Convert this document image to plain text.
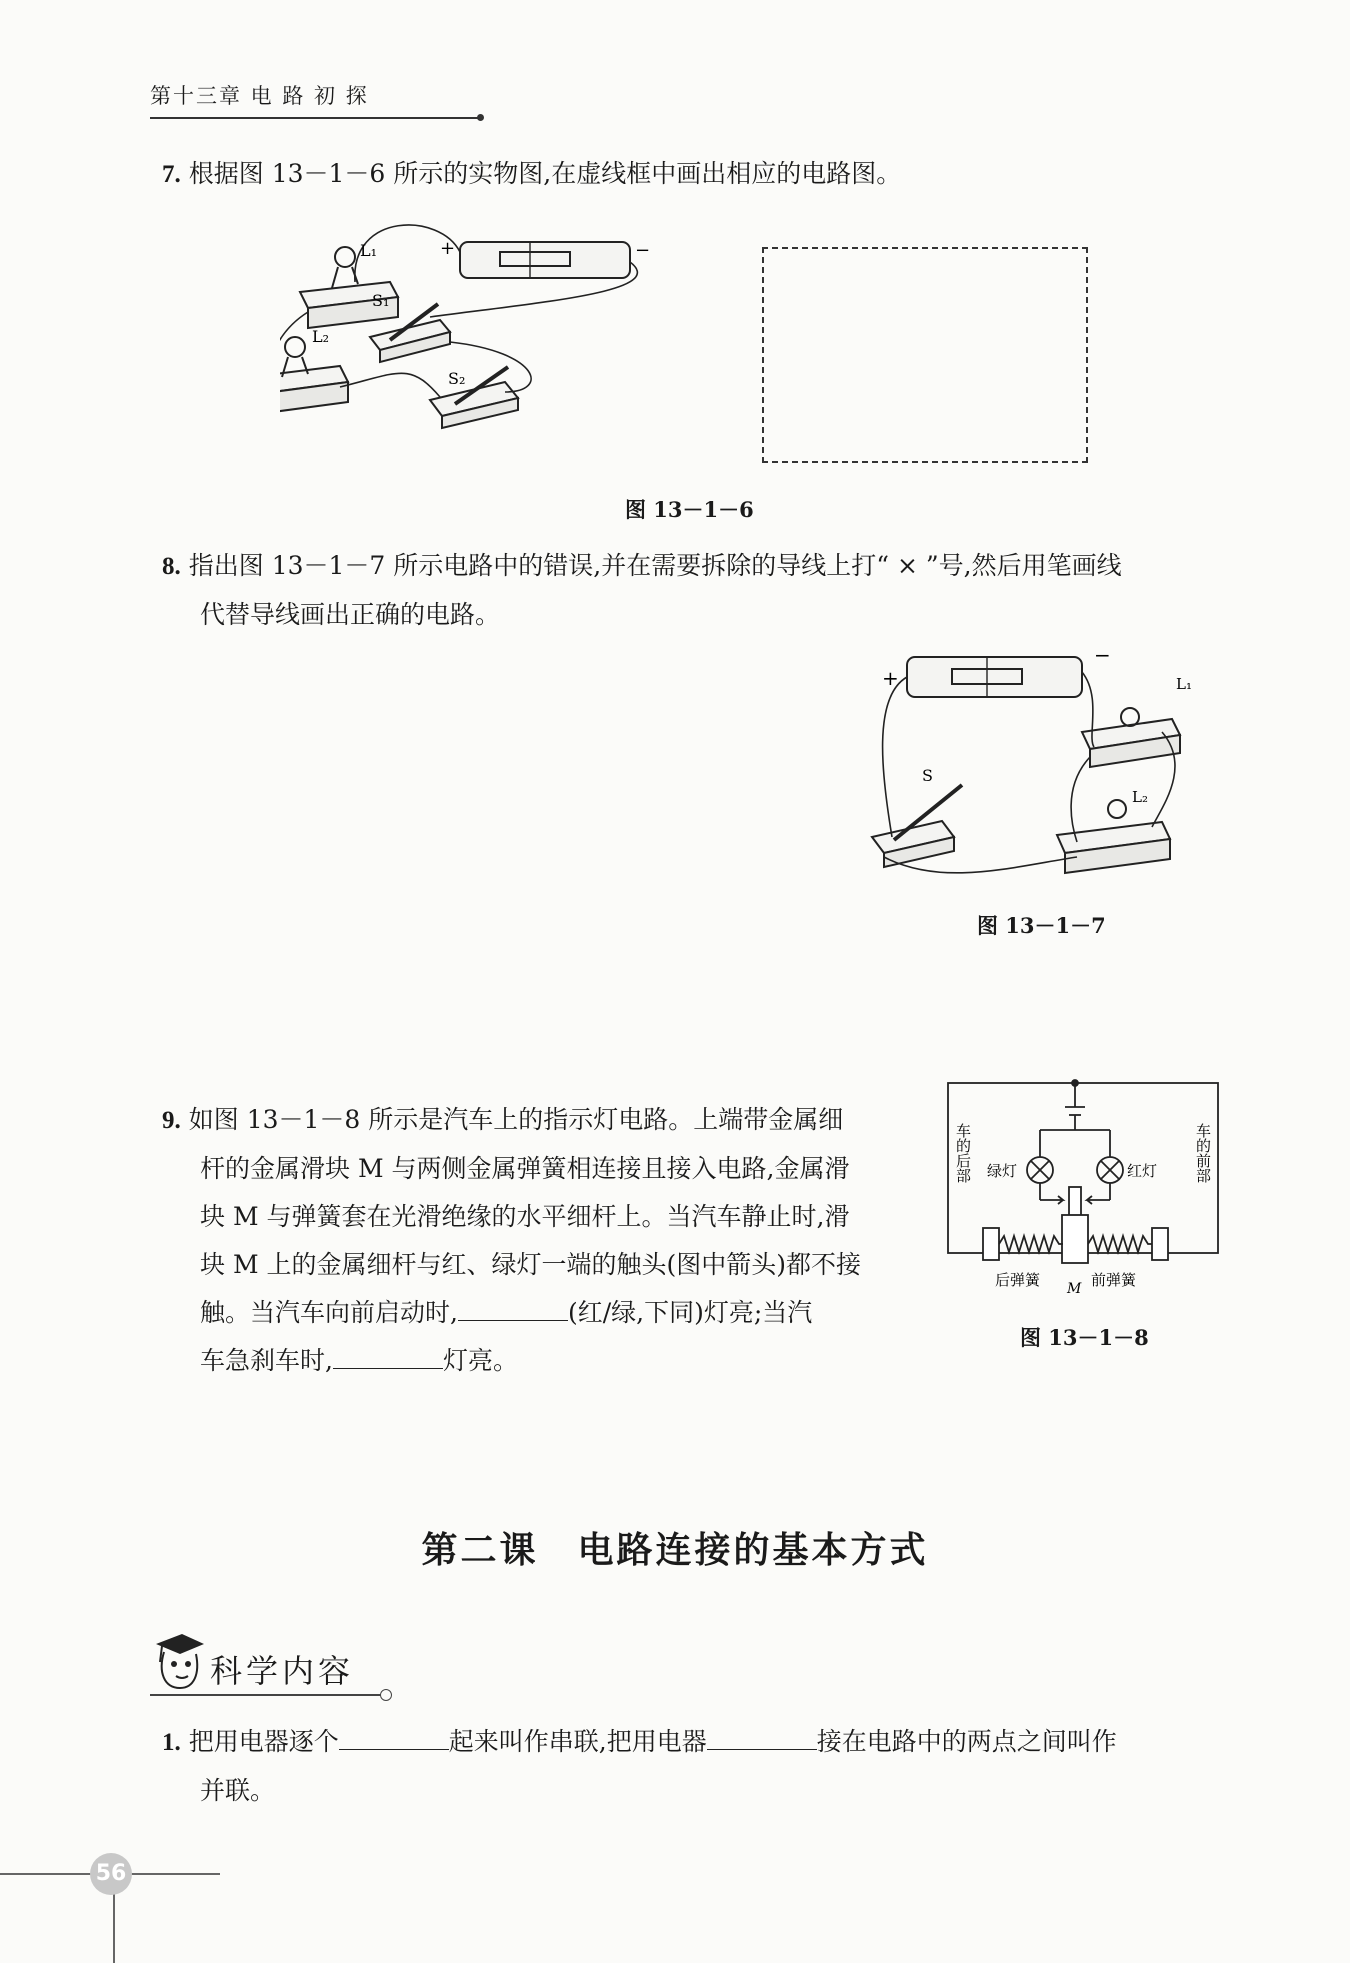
第十三章 电 路 初 探
7. 根据图 13－1－6 所示的实物图,在虚线框中画出相应的电路图。
+	−
L₁
L₂
S₁
S₂
图 13－1－6
8. 指出图 13－1－7 所示电路中的错误,并在需要拆除的导线上打“ × ”号,然后用笔画线
代替导线画出正确的电路。
+
−
L₁
L₂
S
图 13－1－7
9. 如图 13－1－8 所示是汽车上的指示灯电路。上端带金属细
杆的金属滑块 M 与两侧金属弹簧相连接且接入电路,金属滑
块 M 与弹簧套在光滑绝缘的水平细杆上。当汽车静止时,滑
块 M 上的金属细杆与红、绿灯一端的触头(图中箭头)都不接
触。当汽车向前启动时,	(红/绿,下同)灯亮;当汽
车急刹车时,	灯亮。
车的后部	车的前部
绿灯	红灯
后弹簧 M 前弹簧
图 13－1－8
第二课　电路连接的基本方式
科学内容
1. 把用电器逐个	起来叫作串联,把用电器	接在电路中的两点之间叫作
并联。
56
